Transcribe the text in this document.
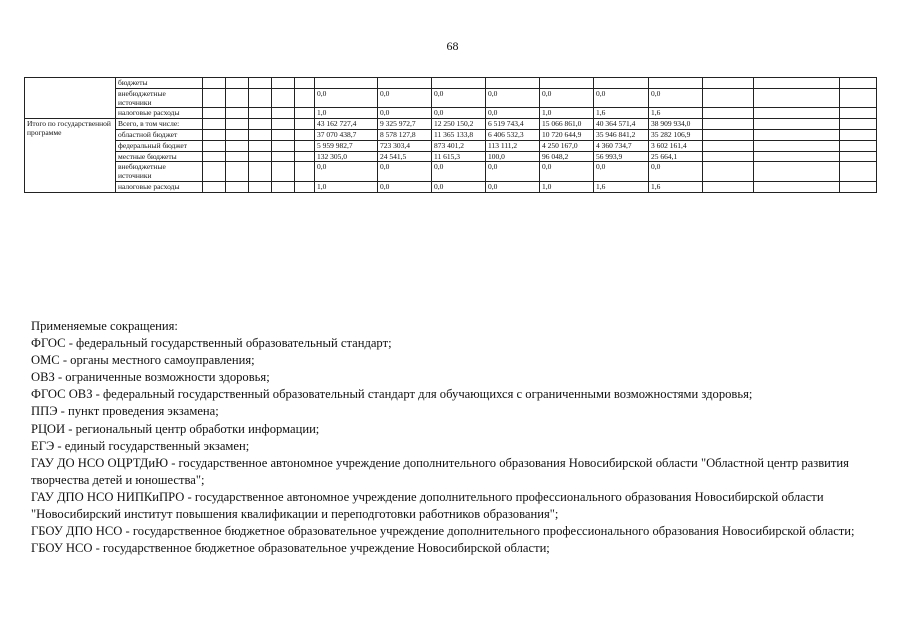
68
	бюджеты															
	внебюджетные источники						0,0	0,0	0,0	0,0	0,0	0,0	0,0			
	налоговые расходы						1,0	0,0	0,0	0,0	1,0	1,6	1,6			
Итого по государственной программе	Всего, в том числе:						43 162 727,4	9 325 972,7	12 250 150,2	6 519 743,4	15 066 861,0	40 364 571,4	38 909 934,0			
	областной бюджет						37 070 438,7	8 578 127,8	11 365 133,8	6 406 532,3	10 720 644,9	35 946 841,2	35 282 106,9			
	федеральный бюджет						5 959 982,7	723 303,4	873 401,2	113 111,2	4 250 167,0	4 360 734,7	3 602 161,4			
	местные бюджеты						132 305,0	24 541,5	11 615,3	100,0	96 048,2	56 993,9	25 664,1			
	внебюджетные источники						0,0	0,0	0,0	0,0	0,0	0,0	0,0			
	налоговые расходы						1,0	0,0	0,0	0,0	1,0	1,6	1,6			

Применяемые сокращения:

ФГОС - федеральный государственный образовательный стандарт;

ОМС - органы местного самоуправления;

ОВЗ - ограниченные возможности здоровья;

ФГОС ОВЗ - федеральный государственный образовательный стандарт для обучающихся с ограниченными возможностями здоровья;

ППЭ - пункт проведения экзамена;

РЦОИ - региональный центр обработки информации;

ЕГЭ - единый государственный экзамен;

ГАУ ДО НСО ОЦРТДиЮ - государственное автономное учреждение дополнительного образования Новосибирской области "Областной центр развития творчества детей и юношества";

ГАУ ДПО НСО НИПКиПРО - государственное автономное учреждение дополнительного профессионального образования Новосибирской области "Новосибирский институт повышения квалификации и переподготовки работников образования";

ГБОУ ДПО НСО - государственное бюджетное образовательное учреждение дополнительного профессионального образования Новосибирской области;

ГБОУ НСО - государственное бюджетное образовательное учреждение Новосибирской области;
